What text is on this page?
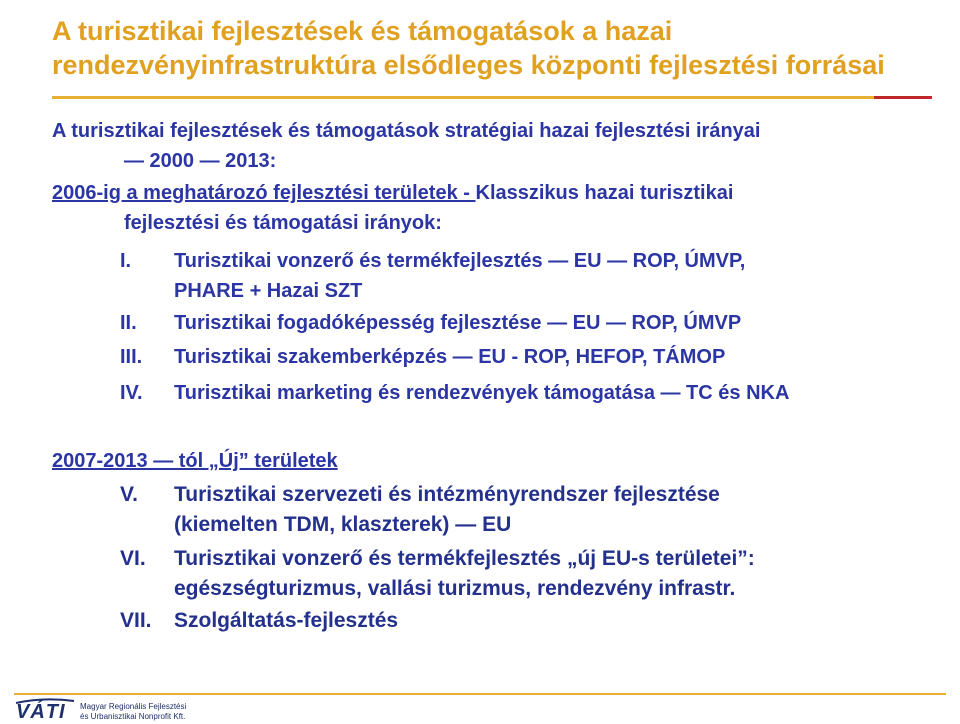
A turisztikai fejlesztések és támogatások a hazai
rendezvényinfrastruktúra elsődleges központi fejlesztési forrásai
A turisztikai fejlesztések és támogatások stratégiai hazai fejlesztési irányai
— 2000 — 2013:
2006-ig a meghatározó fejlesztési területek - Klasszikus hazai turisztikai
fejlesztési és támogatási irányok:
I. Turisztikai vonzerő és termékfejlesztés — EU — ROP, ÚMVP,
PHARE + Hazai SZT
II. Turisztikai fogadóképesség fejlesztése — EU — ROP, ÚMVP
III. Turisztikai szakemberképzés — EU - ROP, HEFOP, TÁMOP
IV. Turisztikai marketing és rendezvények támogatása — TC és NKA
2007-2013 — tól „Új” területek
V. Turisztikai szervezeti és intézményrendszer fejlesztése
(kiemelten TDM, klaszterek) — EU
VI. Turisztikai vonzerő és termékfejlesztés „új EU-s területei”:
egészségturizmus, vallási turizmus, rendezvény infrastr.
VII. Szolgáltatás-fejlesztés
VÁTI Magyar Regionális Fejlesztési
és Urbanisztikai Nonprofit Kft.
